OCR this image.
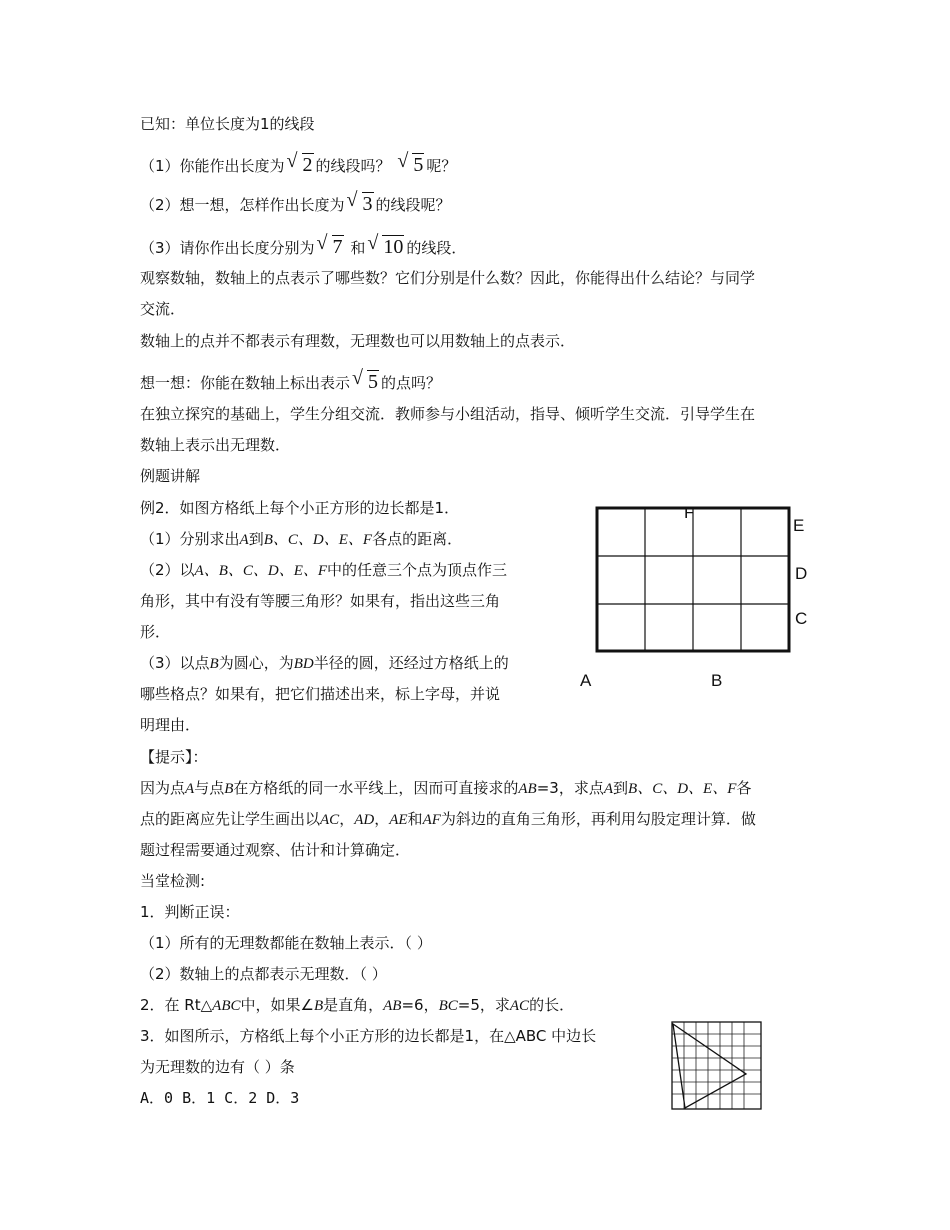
已知：单位长度为1的线段
（1）你能作出长度为 √ 2 的线段吗？ √ 5 呢？
（2）想一想，怎样作出长度为 √ 3 的线段呢？
（3）请你作出长度分别为 √ 7 和 √ 10 的线段．
观察数轴，数轴上的点表示了哪些数？它们分别是什么数？因此，你能得出什么结论？与同学
交流．
数轴上的点并不都表示有理数，无理数也可以用数轴上的点表示．
想一想：你能在数轴上标出表示 √ 5 的点吗？
在独立探究的基础上，学生分组交流．教师参与小组活动，指导、倾听学生交流．引导学生在
数轴上表示出无理数．
例题讲解
例2．如图方格纸上每个小正方形的边长都是1．
（1）分别求出A到B、C、D、E、F各点的距离．
（2）以A、B、C、D、E、F中的任意三个点为顶点作三
角形，其中有没有等腰三角形？如果有，指出这些三角
形．
（3）以点B为圆心，为BD半径的圆，还经过方格纸上的
哪些格点？如果有，把它们描述出来，标上字母，并说
明理由．
A	B
C
D
E
F
【提示】：
因为点A与点B在方格纸的同一水平线上，因而可直接求的AB=3，求点A到B、C、D、E、F各
点的距离应先让学生画出以AC，AD，AE和AF为斜边的直角三角形，再利用勾股定理计算．做
题过程需要通过观察、估计和计算确定．
当堂检测:
1．判断正误：
（1）所有的无理数都能在数轴上表示．（ ）
（2）数轴上的点都表示无理数．（ ）
2．在 Rt△ABC中，如果∠B是直角，AB=6，BC=5，求AC的长．
3．如图所示，方格纸上每个小正方形的边长都是1，在△ABC 中边长
为无理数的边有（ ）条
A．0 B．1 C．2 D．3
